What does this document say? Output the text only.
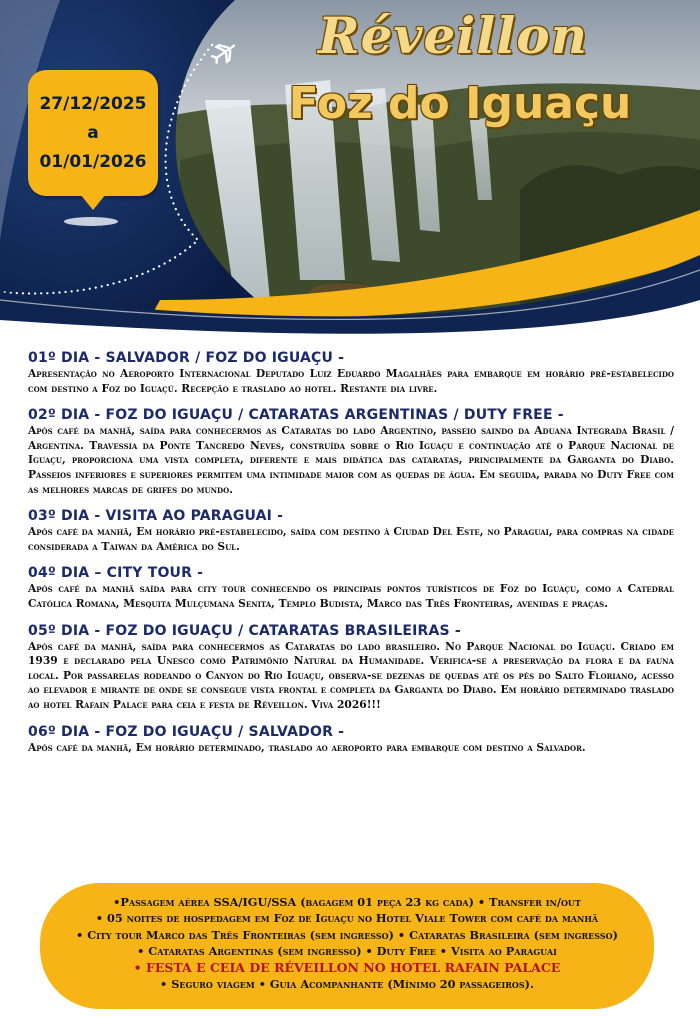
Réveillon
Foz do Iguaçu
27/12/2025
a
01/01/2026
01º DIA - SALVADOR / FOZ DO IGUAÇU -
Apresentação no Aeroporto Internacional Deputado Luiz Eduardo Magalhães para embarque em horário pré-estabelecido com destino a Foz do Iguaçú. Recepção e traslado ao hotel. Restante dia livre.
02º DIA - FOZ DO IGUAÇU / CATARATAS ARGENTINAS / DUTY FREE -
Após café da manhã, saída para conhecermos as Cataratas do lado Argentino, passeio saindo da Aduana Integrada Brasil / Argentina. Travessia da Ponte Tancredo Neves, construída sobre o Rio Iguaçu e continuação até o Parque Nacional de Iguaçu, proporciona uma vista completa, diferente e mais didática das cataratas, principalmente da Garganta do Diabo. Passeios inferiores e superiores permitem uma intimidade maior com as quedas de água. Em seguida, parada no Duty Free com as melhores marcas de grifes do mundo.
03º DIA - VISITA AO PARAGUAI -
Após café da manhã, Em horário pré-estabelecido, saída com destino à Ciudad Del Este, no Paraguai, para compras na cidade considerada a Taiwan da América do Sul.
04º DIA – CITY TOUR -
Após café da manhã saída para city tour conhecendo os principais pontos turísticos de Foz do Iguaçu, como a Catedral Católica Romana, Mesquita Mulçumana Senita, Templo Budista, Marco das Três Fronteiras, avenidas e praças.
05º DIA - FOZ DO IGUAÇU / CATARATAS BRASILEIRAS -
Após café da manhã, saída para conhecermos as Cataratas do lado brasileiro. No Parque Nacional do Iguaçu. Criado em 1939 e declarado pela Unesco como Patrimônio Natural da Humanidade. Verifica-se a preservação da flora e da fauna local. Por passarelas rodeando o Canyon do Rio Iguaçu, observa-se dezenas de quedas até os pés do Salto Floriano, acesso ao elevador e mirante de onde se consegue vista frontal e completa da Garganta do Diabo. Em horário determinado traslado ao hotel Rafain Palace para ceia e festa de Réveillon. Viva 2026!!!
06º DIA - FOZ DO IGUAÇU / SALVADOR -
Após café da manhã, Em horário determinado, traslado ao aeroporto para embarque com destino a Salvador.
•Passagem aérea SSA/IGU/SSA (bagagem 01 peça 23 kg cada) • Transfer in/out
• 05 noites de hospedagem em Foz de Iguaçu no Hotel Viale Tower com café da manhã
• City tour Marco das Três Fronteiras (sem ingresso) • Cataratas Brasileira (sem ingresso)
• Cataratas Argentinas (sem ingresso) • Duty Free • Visita ao Paraguai
• FESTA E CEIA DE RÉVEILLON NO HOTEL RAFAIN PALACE
• Seguro viagem • Guia Acompanhante (Mínimo 20 passageiros).
